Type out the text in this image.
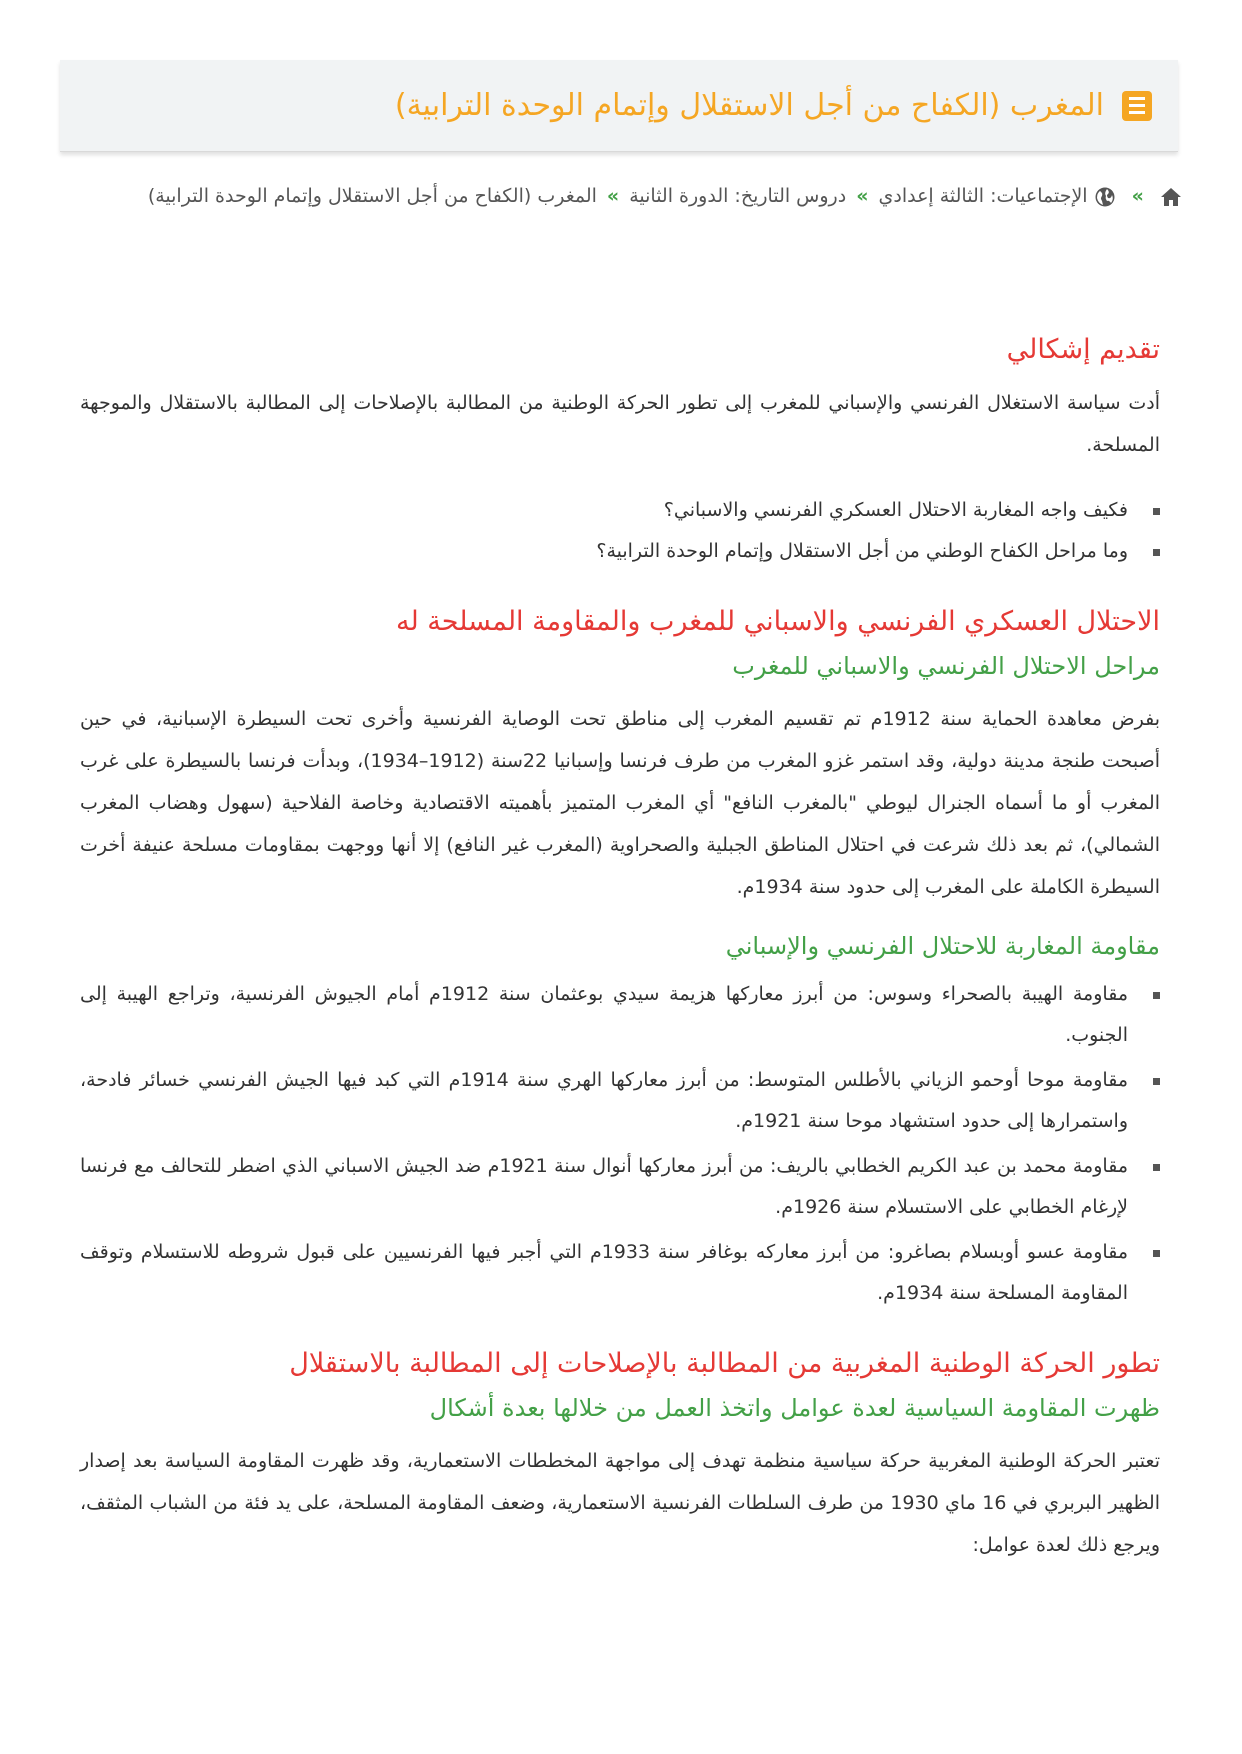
المغرب (الكفاح من أجل الاستقلال وإتمام الوحدة الترابية)
»  الإجتماعيات: الثالثة إعدادي»دروس التاريخ: الدورة الثانية»المغرب (الكفاح من أجل الاستقلال وإتمام الوحدة الترابية)
تقديم إشكالي

أدت سياسة الاستغلال الفرنسي والإسباني للمغرب إلى تطور الحركة الوطنية من المطالبة بالإصلاحات إلى المطالبة بالاستقلال والموجهة المسلحة.

فكيف واجه المغاربة الاحتلال العسكري الفرنسي والاسباني؟
وما مراحل الكفاح الوطني من أجل الاستقلال وإتمام الوحدة الترابية؟
الاحتلال العسكري الفرنسي والاسباني للمغرب والمقاومة المسلحة له
مراحل الاحتلال الفرنسي والاسباني للمغرب

بفرض معاهدة الحماية سنة 1912م تم تقسيم المغرب إلى مناطق تحت الوصاية الفرنسية وأخرى تحت السيطرة الإسبانية، في حين أصبحت طنجة مدينة دولية، وقد استمر غزو المغرب من طرف فرنسا وإسبانيا 22سنة (1912–1934)، وبدأت فرنسا بالسيطرة على غرب المغرب أو ما أسماه الجنرال ليوطي "بالمغرب النافع" أي المغرب المتميز بأهميته الاقتصادية وخاصة الفلاحية (سهول وهضاب المغرب الشمالي)، ثم بعد ذلك شرعت في احتلال المناطق الجبلية والصحراوية (المغرب غير النافع) إلا أنها ووجهت بمقاومات مسلحة عنيفة أخرت السيطرة الكاملة على المغرب إلى حدود سنة 1934م.

مقاومة المغاربة للاحتلال الفرنسي والإسباني
مقاومة الهيبة بالصحراء وسوس: من أبرز معاركها هزيمة سيدي بوعثمان سنة 1912م أمام الجيوش الفرنسية، وتراجع الهيبة إلى الجنوب.
مقاومة موحا أوحمو الزياني بالأطلس المتوسط: من أبرز معاركها الهري سنة 1914م التي كبد فيها الجيش الفرنسي خسائر فادحة، واستمرارها إلى حدود استشهاد موحا سنة 1921م.
مقاومة محمد بن عبد الكريم الخطابي بالريف: من أبرز معاركها أنوال سنة 1921م ضد الجيش الاسباني الذي اضطر للتحالف مع فرنسا لإرغام الخطابي على الاستسلام سنة 1926م.
مقاومة عسو أوبسلام بصاغرو: من أبرز معاركه بوغافر سنة 1933م التي أجبر فيها الفرنسيين على قبول شروطه للاستسلام وتوقف المقاومة المسلحة سنة 1934م.
تطور الحركة الوطنية المغربية من المطالبة بالإصلاحات إلى المطالبة بالاستقلال
ظهرت المقاومة السياسية لعدة عوامل واتخذ العمل من خلالها بعدة أشكال

تعتبر الحركة الوطنية المغربية حركة سياسية منظمة تهدف إلى مواجهة المخططات الاستعمارية، وقد ظهرت المقاومة السياسة بعد إصدار الظهير البربري في 16 ماي 1930 من طرف السلطات الفرنسية الاستعمارية، وضعف المقاومة المسلحة، على يد فئة من الشباب المثقف، ويرجع ذلك لعدة عوامل:
